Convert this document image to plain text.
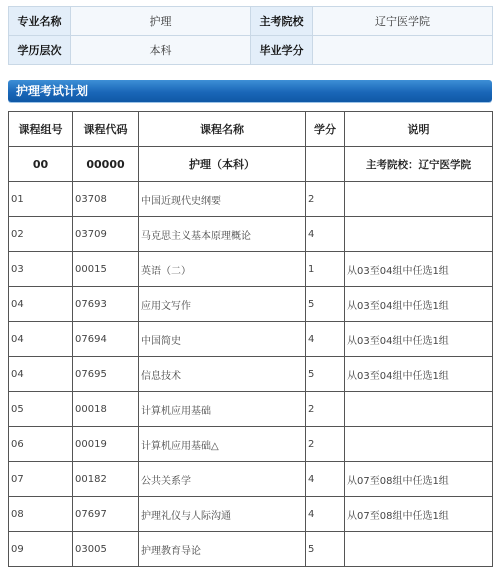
专业名称	护理	主考院校	辽宁医学院
学历层次	本科	毕业学分	
护理考试计划
课程组号	课程代码	课程名称	学分	说明
00	00000	护理（本科）		主考院校：辽宁医学院
01	03708	中国近现代史纲要	2	
02	03709	马克思主义基本原理概论	4	
03	00015	英语（二）	1	从03至04组中任选1组
04	07693	应用文写作	5	从03至04组中任选1组
04	07694	中国简史	4	从03至04组中任选1组
04	07695	信息技术	5	从03至04组中任选1组
05	00018	计算机应用基础	2	
06	00019	计算机应用基础△	2	
07	00182	公共关系学	4	从07至08组中任选1组
08	07697	护理礼仪与人际沟通	4	从07至08组中任选1组
09	03005	护理教育导论	5	
